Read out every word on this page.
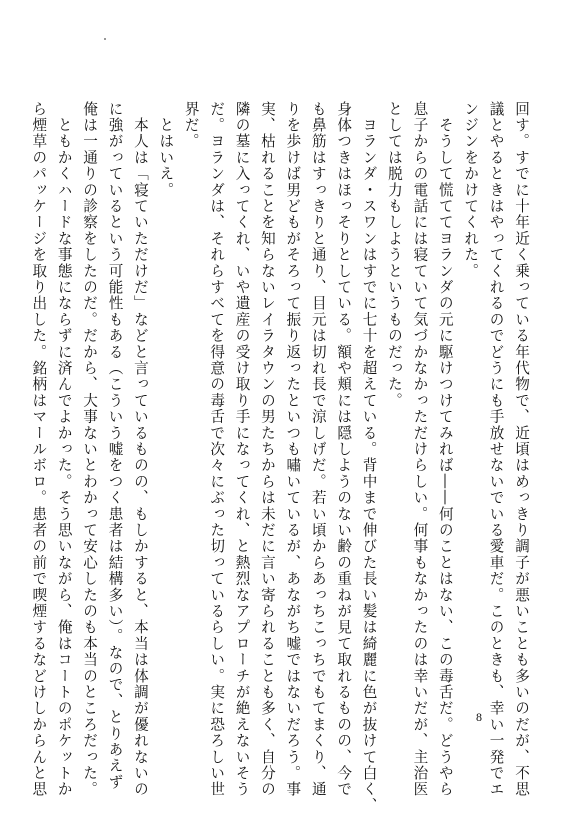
回す。すでに十年近く乗っている年代物で、近頃はめっきり調子が悪いことも多いのだが、不思
議とやるときはやってくれるのでどうにも手放せないでいる愛車だ。このときも、幸い一発でエ
ンジンをかけてくれた。
　そうして慌ててヨランダの元に駆けつけてみれば――何のことはない、この毒舌だ。どうやら
息子からの電話には寝ていて気づかなかっただけらしい。何事もなかったのは幸いだが、主治医
としては脱力もしようというものだった。
　ヨランダ・スワンはすでに七十を超えている。背中まで伸びた長い髪は綺麗に色が抜けて白く、
身体つきはほっそりとしている。額や頬には隠しようのない齢の重ねが見て取れるものの、今で
も鼻筋はすっきりと通り、目元は切れ長で涼しげだ。若い頃からあっちこっちでもてまくり、通
りを歩けば男どもがそろって振り返ったといつも嘯いているが、あながち嘘ではないだろう。事
実、枯れることを知らないレイラタウンの男たちからは未だに言い寄られることも多く、自分の
隣の墓に入ってくれ、いや遺産の受け取り手になってくれ、と熱烈なアプローチが絶えないそう
だ。ヨランダは、それらすべてを得意の毒舌で次々にぶった切っているらしい。実に恐ろしい世
界だ。
　とはいえ。
　本人は「寝ていただけだ」などと言っているものの、もしかすると、本当は体調が優れないの
に強がっているという可能性もある（こういう嘘をつく患者は結構多い）。なので、とりあえず
俺は一通りの診察をしたのだ。だから、大事ないとわかって安心したのも本当のところだった。
　ともかくハードな事態にならずに済んでよかった。そう思いながら、俺はコートのポケットか
ら煙草のパッケージを取り出した。銘柄はマールボロ。患者の前で喫煙するなどけしからんと思	8
